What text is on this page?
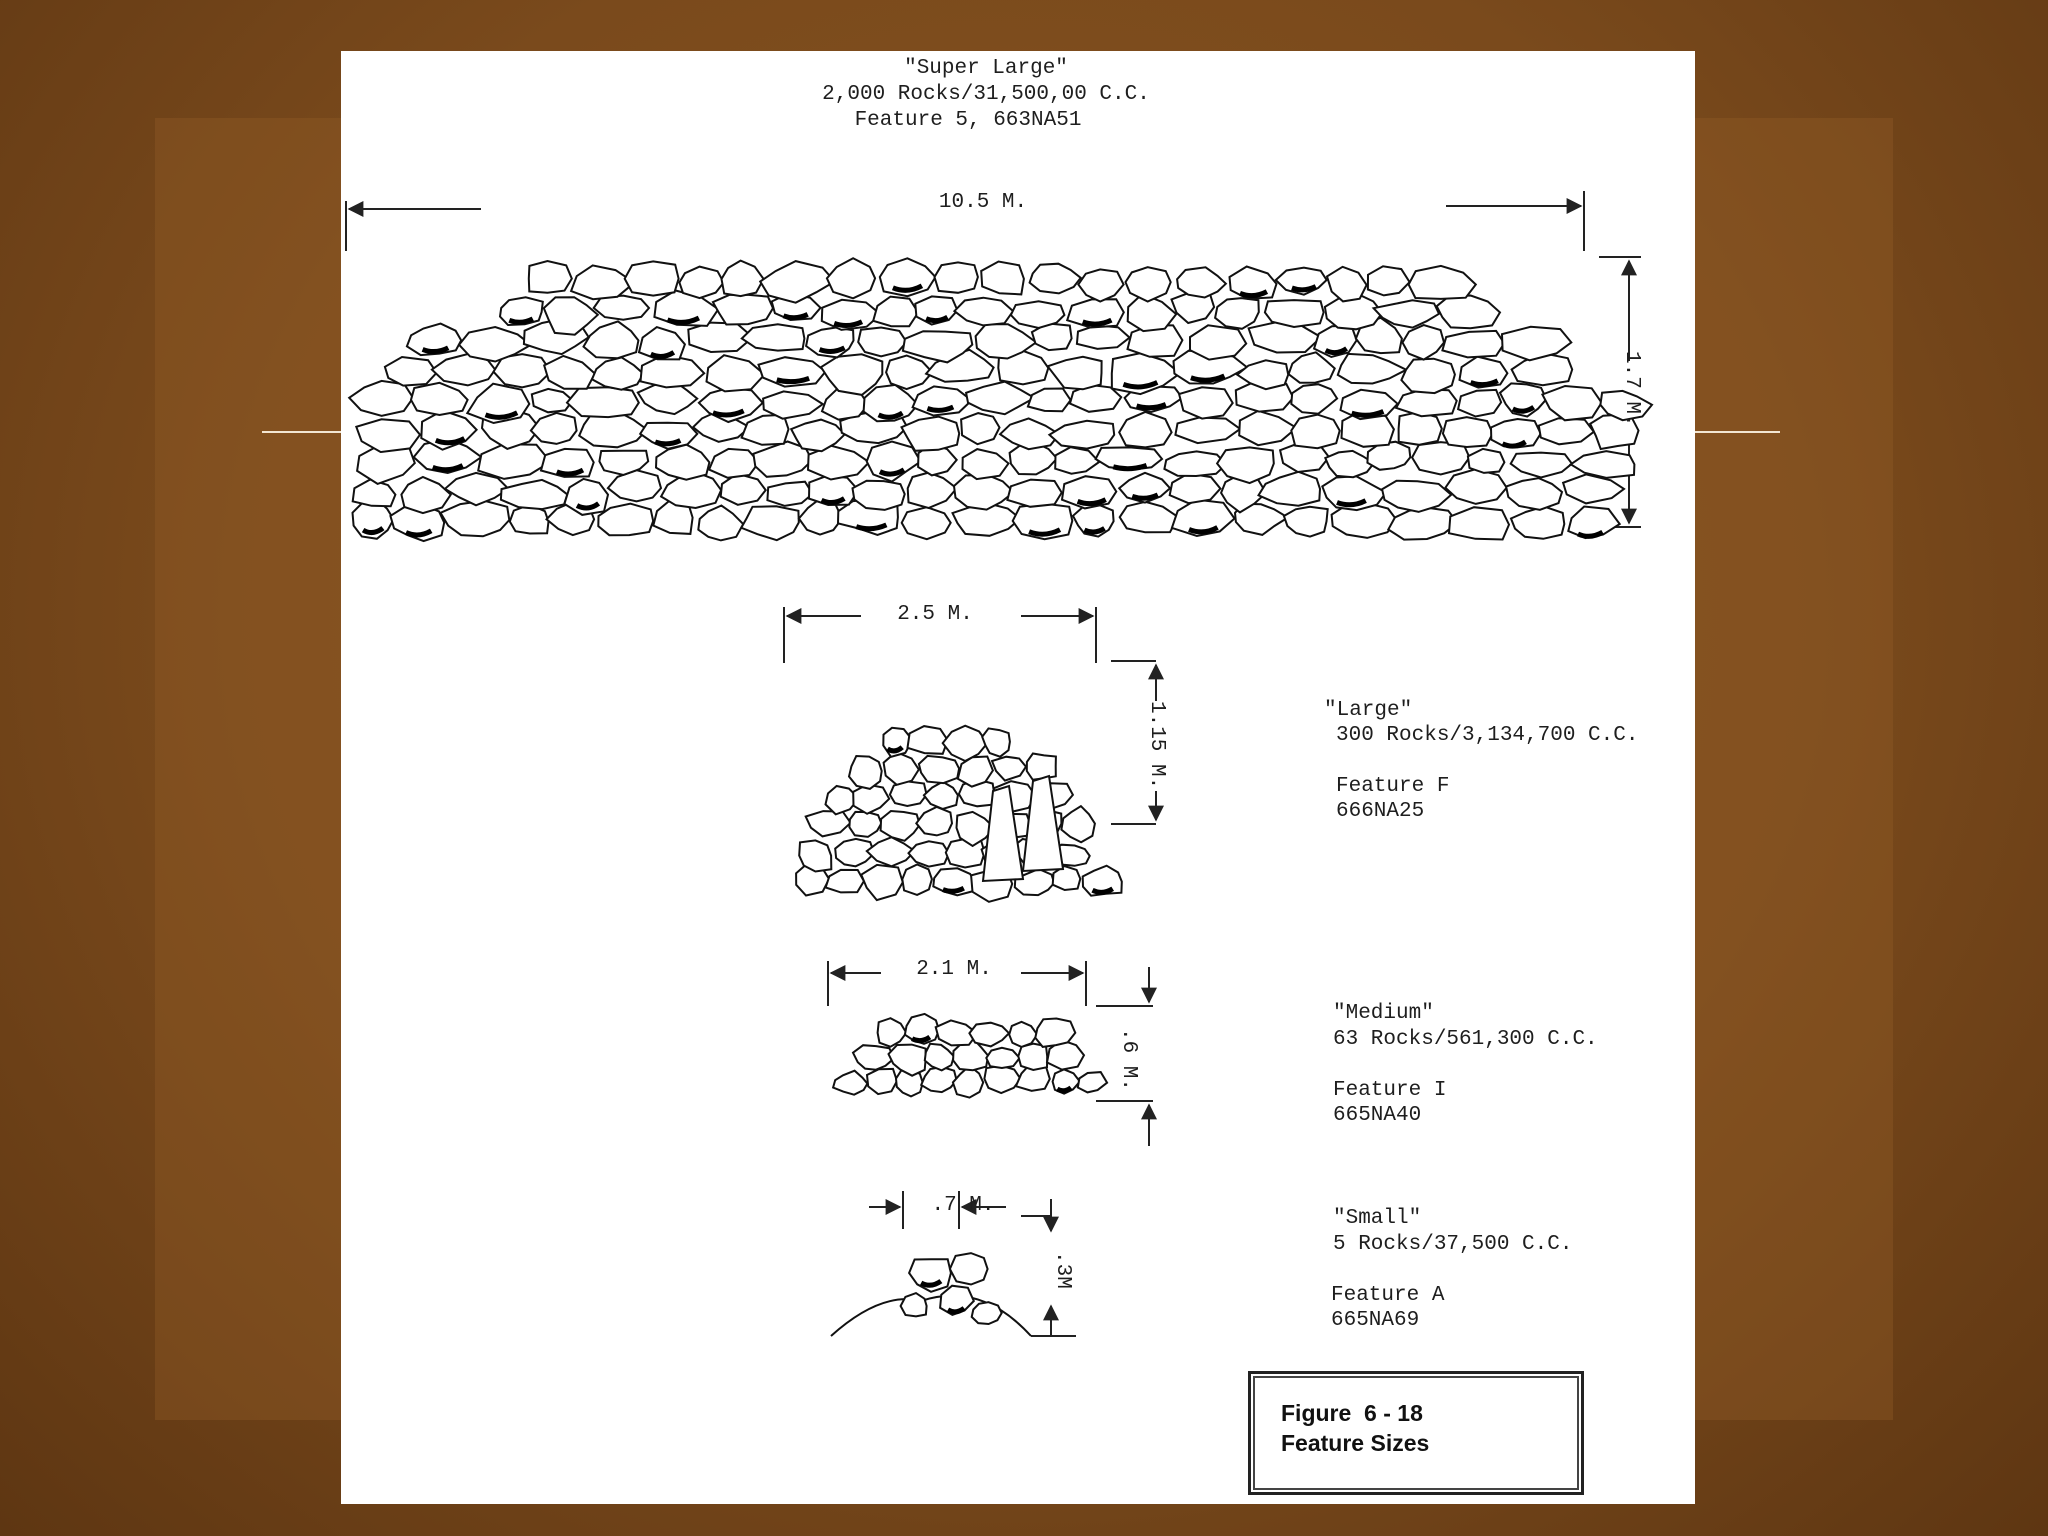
"Super Large"
2,000 Rocks/31,500,00 C.C.
Feature 5, 663NA51
10.5 M.
1.7 M.
2.5 M.
1.15 M.	"Large"
300 Rocks/3,134,700 C.C.
Feature F
666NA25
2.1 M.
.6 M.
"Medium"
63 Rocks/561,300 C.C.
Feature I
665NA40
.7 M.
.3M
"Small"
5 Rocks/37,500 C.C.
Feature A
665NA69
Figure  6 - 18
Feature Sizes
